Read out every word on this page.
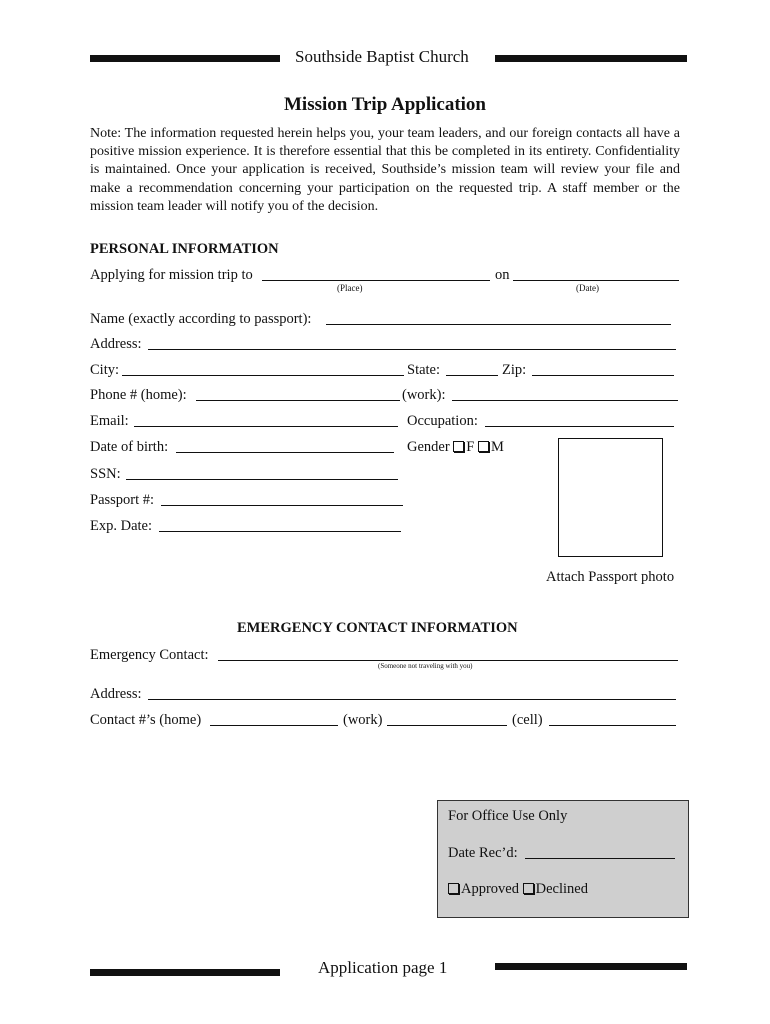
Southside Baptist Church
Mission Trip Application
Note: The information requested herein helps you, your team leaders, and our foreign contacts all have a positive mission experience. It is therefore essential that this be completed in its entirety. Confidentiality is maintained. Once your application is received, Southside’s mission team will review your file and make a recommendation concerning your participation on the requested trip. A staff member or the mission team leader will notify you of the decision.
PERSONAL INFORMATION
Applying for mission trip to	on
(Place)	(Date)
Name (exactly according to passport):
Address:
City:	State:	Zip:
Phone # (home):	(work):
Email:	Occupation:
Date of birth:	Gender F M
SSN:
Passport #:
Exp. Date:
Attach Passport photo
EMERGENCY CONTACT INFORMATION
Emergency Contact:
(Someone not traveling with you)
Address:
Contact #’s (home)	(work)	(cell)
For Office Use Only
Date Rec’d:
Approved Declined
Application page 1
